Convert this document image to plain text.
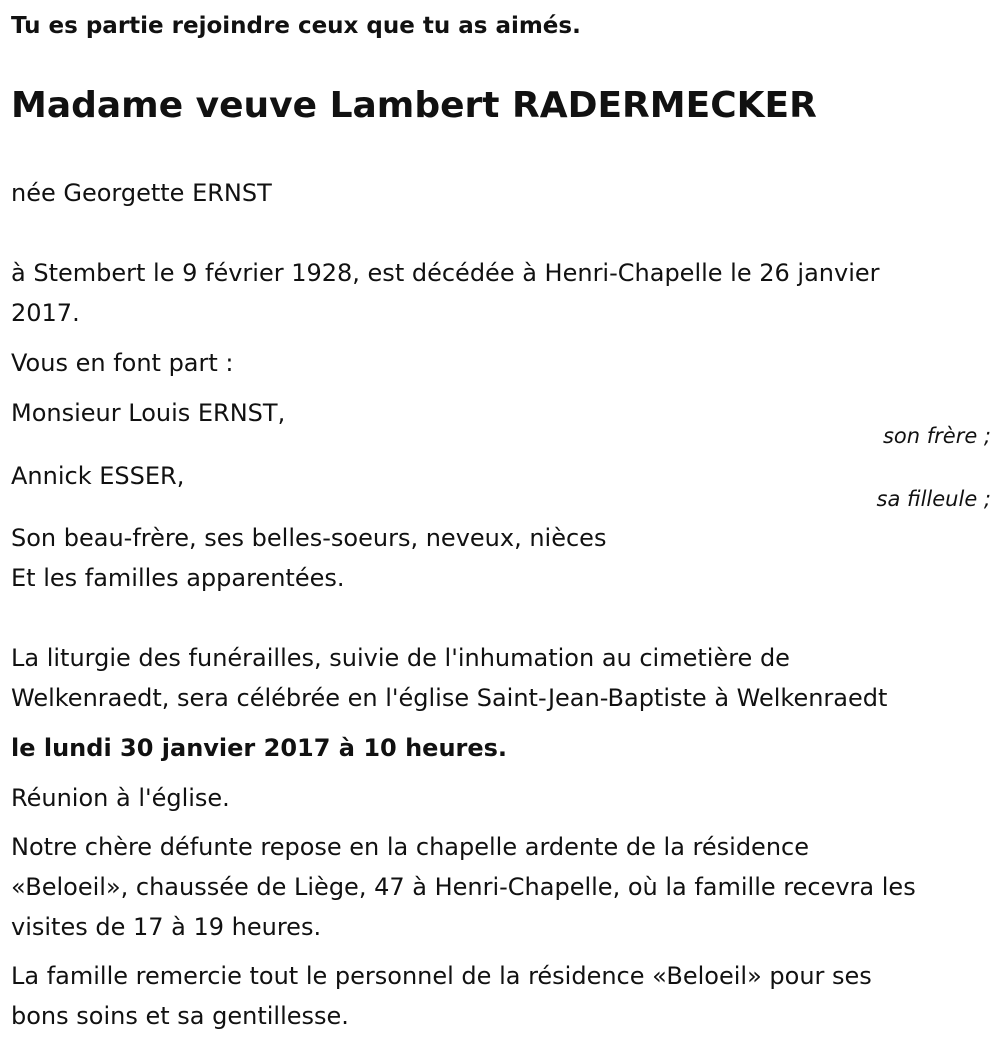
Tu es partie rejoindre ceux que tu as aimés.
Madame veuve Lambert RADERMECKER
née Georgette ERNST
à Stembert le 9 février 1928, est décédée à Henri-Chapelle le 26 janvier
2017.
Vous en font part :
Monsieur Louis ERNST,
son frère ;
Annick ESSER,
sa filleule ;
Son beau-frère, ses belles-soeurs, neveux, nièces
Et les familles apparentées.
La liturgie des funérailles, suivie de l'inhumation au cimetière de
Welkenraedt, sera célébrée en l'église Saint-Jean-Baptiste à Welkenraedt
le lundi 30 janvier 2017 à 10 heures.
Réunion à l'église.
Notre chère défunte repose en la chapelle ardente de la résidence
«Beloeil», chaussée de Liège, 47 à Henri-Chapelle, où la famille recevra les
visites de 17 à 19 heures.
La famille remercie tout le personnel de la résidence «Beloeil» pour ses
bons soins et sa gentillesse.
